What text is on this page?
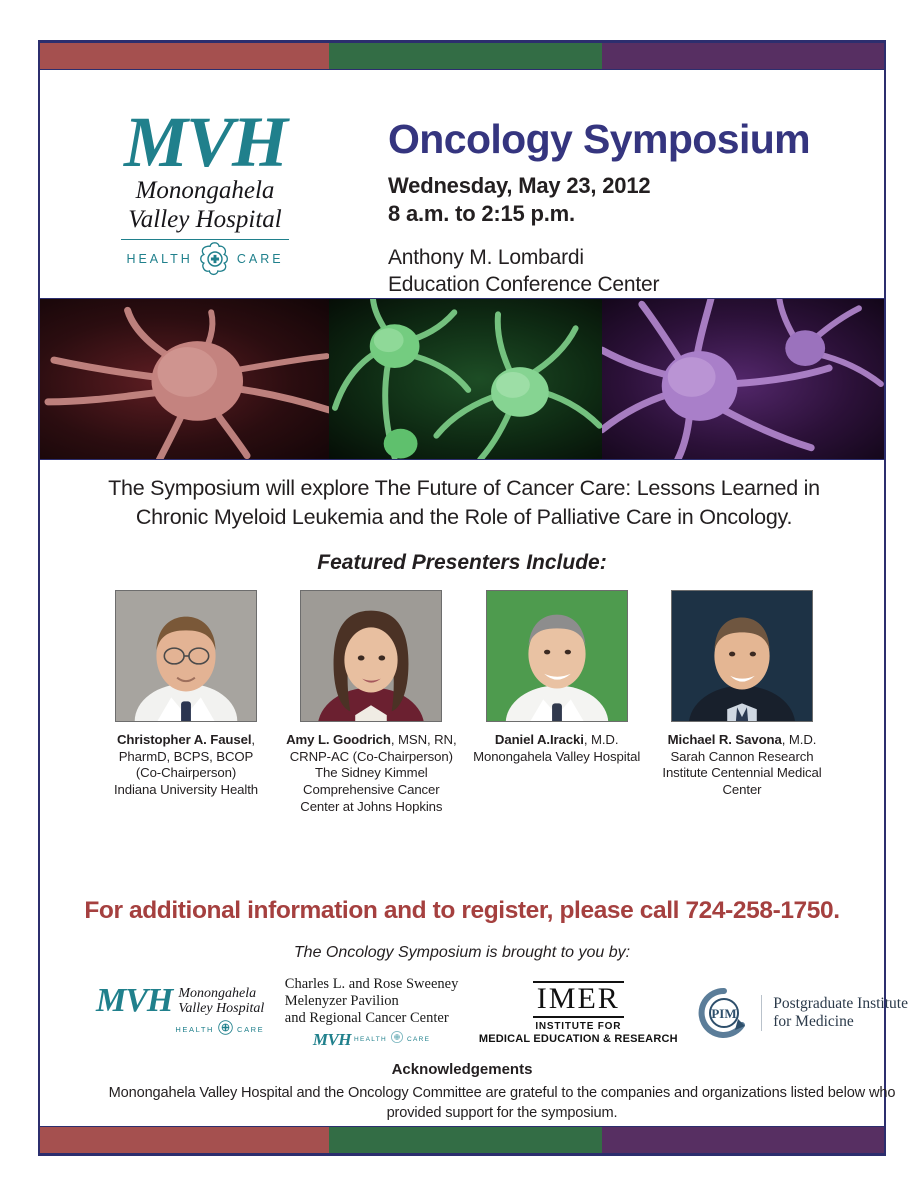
MVH
Monongahela
Valley Hospital
HEALTH	CARE
Oncology Symposium
Wednesday, May 23, 2012
8 a.m. to 2:15 p.m.
Anthony M. Lombardi
Education Conference Center
The Symposium will explore The Future of Cancer Care: Lessons Learned in Chronic Myeloid Leukemia and the Role of Palliative Care in Oncology.
Featured Presenters Include:
Christopher A. Fausel, PharmD, BCPS, BCOP
(Co-Chairperson)
Indiana University Health
Amy L. Goodrich, MSN, RN, CRNP-AC (Co-Chairperson)
The Sidney Kimmel Comprehensive Cancer Center at Johns Hopkins
Daniel A.Iracki, M.D.
Monongahela Valley Hospital
Michael R. Savona, M.D.
Sarah Cannon Research Institute Centennial Medical Center
For additional information and to register, please call 724-258-1750.
The Oncology Symposium is brought to you by:
MVH Monongahela
Valley Hospital
HEALTH	CARE
Charles L. and Rose Sweeney
Melenyzer Pavilion
and Regional Cancer Center
MVH HEALTH	CARE
IMER
INSTITUTE FOR
MEDICAL EDUCATION & RESEARCH
PIM
Postgraduate Institute
for Medicine
Acknowledgements
Monongahela Valley Hospital and the Oncology Committee are grateful to the companies and organizations listed below who provided support for the symposium.
